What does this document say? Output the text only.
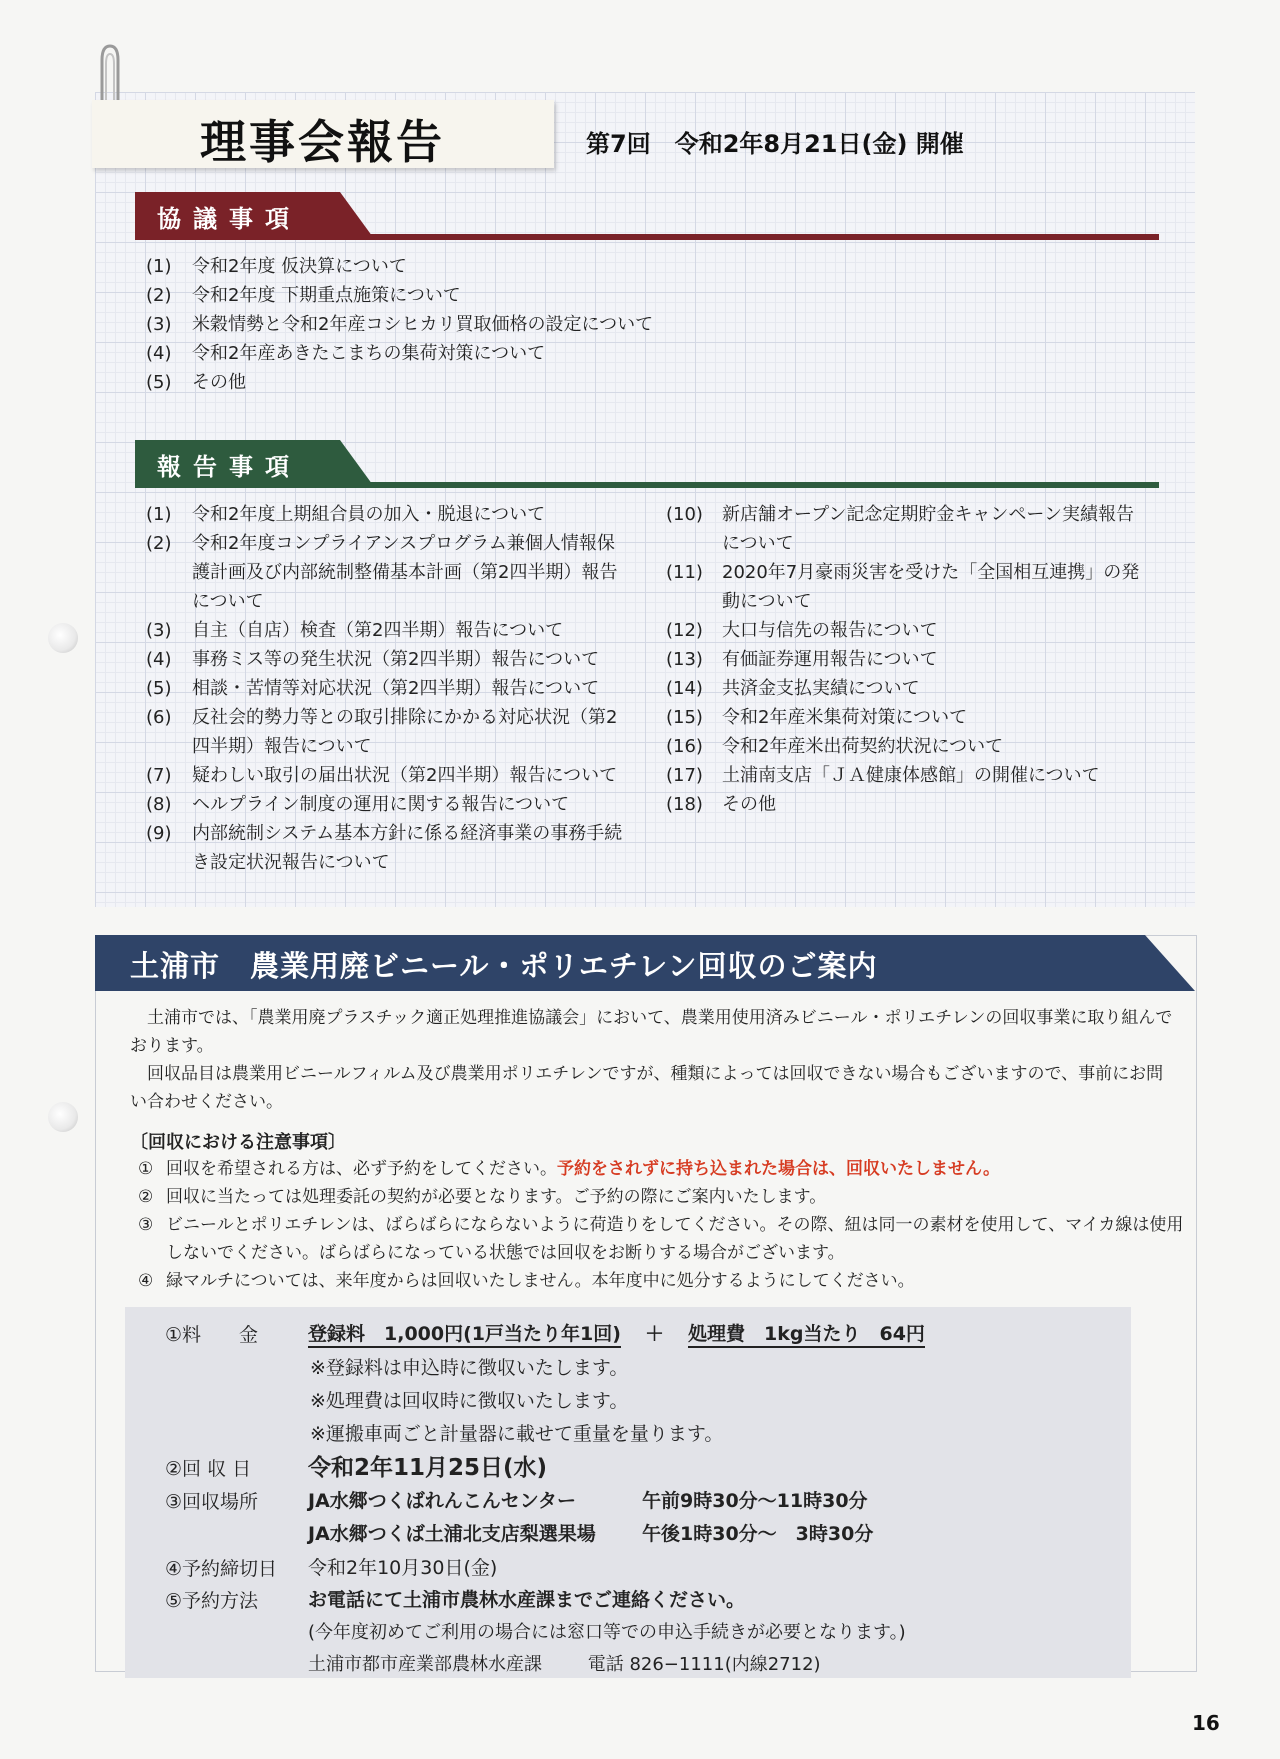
理事会報告	第7回　令和2年8月21日(金) 開催
協議事項
(1)	令和2年度 仮決算について
(2)	令和2年度 下期重点施策について
(3)	米穀情勢と令和2年産コシヒカリ買取価格の設定について
(4)	令和2年産あきたこまちの集荷対策について
(5)	その他
報告事項
(1)	令和2年度上期組合員の加入・脱退について
(2)	令和2年度コンプライアンスプログラム兼個人情報保護計画及び内部統制整備基本計画（第2四半期）報告について
(3)	自主（自店）検査（第2四半期）報告について
(4)	事務ミス等の発生状況（第2四半期）報告について
(5)	相談・苦情等対応状況（第2四半期）報告について
(6)	反社会的勢力等との取引排除にかかる対応状況（第2四半期）報告について
(7)	疑わしい取引の届出状況（第2四半期）報告について
(8)	ヘルプライン制度の運用に関する報告について
(9)	内部統制システム基本方針に係る経済事業の事務手続き設定状況報告について
(10)	新店舗オープン記念定期貯金キャンペーン実績報告について
(11)	2020年7月豪雨災害を受けた「全国相互連携」の発動について
(12)	大口与信先の報告について
(13)	有価証券運用報告について
(14)	共済金支払実績について
(15)	令和2年産米集荷対策について
(16)	令和2年産米出荷契約状況について
(17)	土浦南支店「ＪＡ健康体感館」の開催について
(18)	その他
土浦市　農業用廃ビニール・ポリエチレン回収のご案内
土浦市では、「農業用廃プラスチック適正処理推進協議会」において、農業用使用済みビニール・ポリエチレンの回収事業に取り組んでおります。
回収品目は農業用ビニールフィルム及び農業用ポリエチレンですが、種類によっては回収できない場合もございますので、事前にお問い合わせください。
〔回収における注意事項〕
① 回収を希望される方は、必ず予約をしてください。予約をされずに持ち込まれた場合は、回収いたしません。
② 回収に当たっては処理委託の契約が必要となります。ご予約の際にご案内いたします。
③ ビニールとポリエチレンは、ばらばらにならないように荷造りをしてください。その際、紐は同一の素材を使用して、マイカ線は使用しないでください。ばらばらになっている状態では回収をお断りする場合がございます。
④ 緑マルチについては、来年度からは回収いたしません。本年度中に処分するようにしてください。
①料　　金	登録料　1,000円(1戸当たり年1回) ＋ 処理費　1kg当たり　64円
※登録料は申込時に徴収いたします。
※処理費は回収時に徴収いたします。
※運搬車両ごと計量器に載せて重量を量ります。
②回 収 日 令和2年11月25日(水)
③回収場所	JA水郷つくばれんこんセンター	午前9時30分～11時30分
JA水郷つくば土浦北支店梨選果場 午後1時30分～　3時30分
④予約締切日 令和2年10月30日(金)
⑤予約方法	お電話にて土浦市農林水産課までご連絡ください。
(今年度初めてご利用の場合には窓口等での申込手続きが必要となります。)
土浦市都市産業部農林水産課	電話 826−1111(内線2712)
16
